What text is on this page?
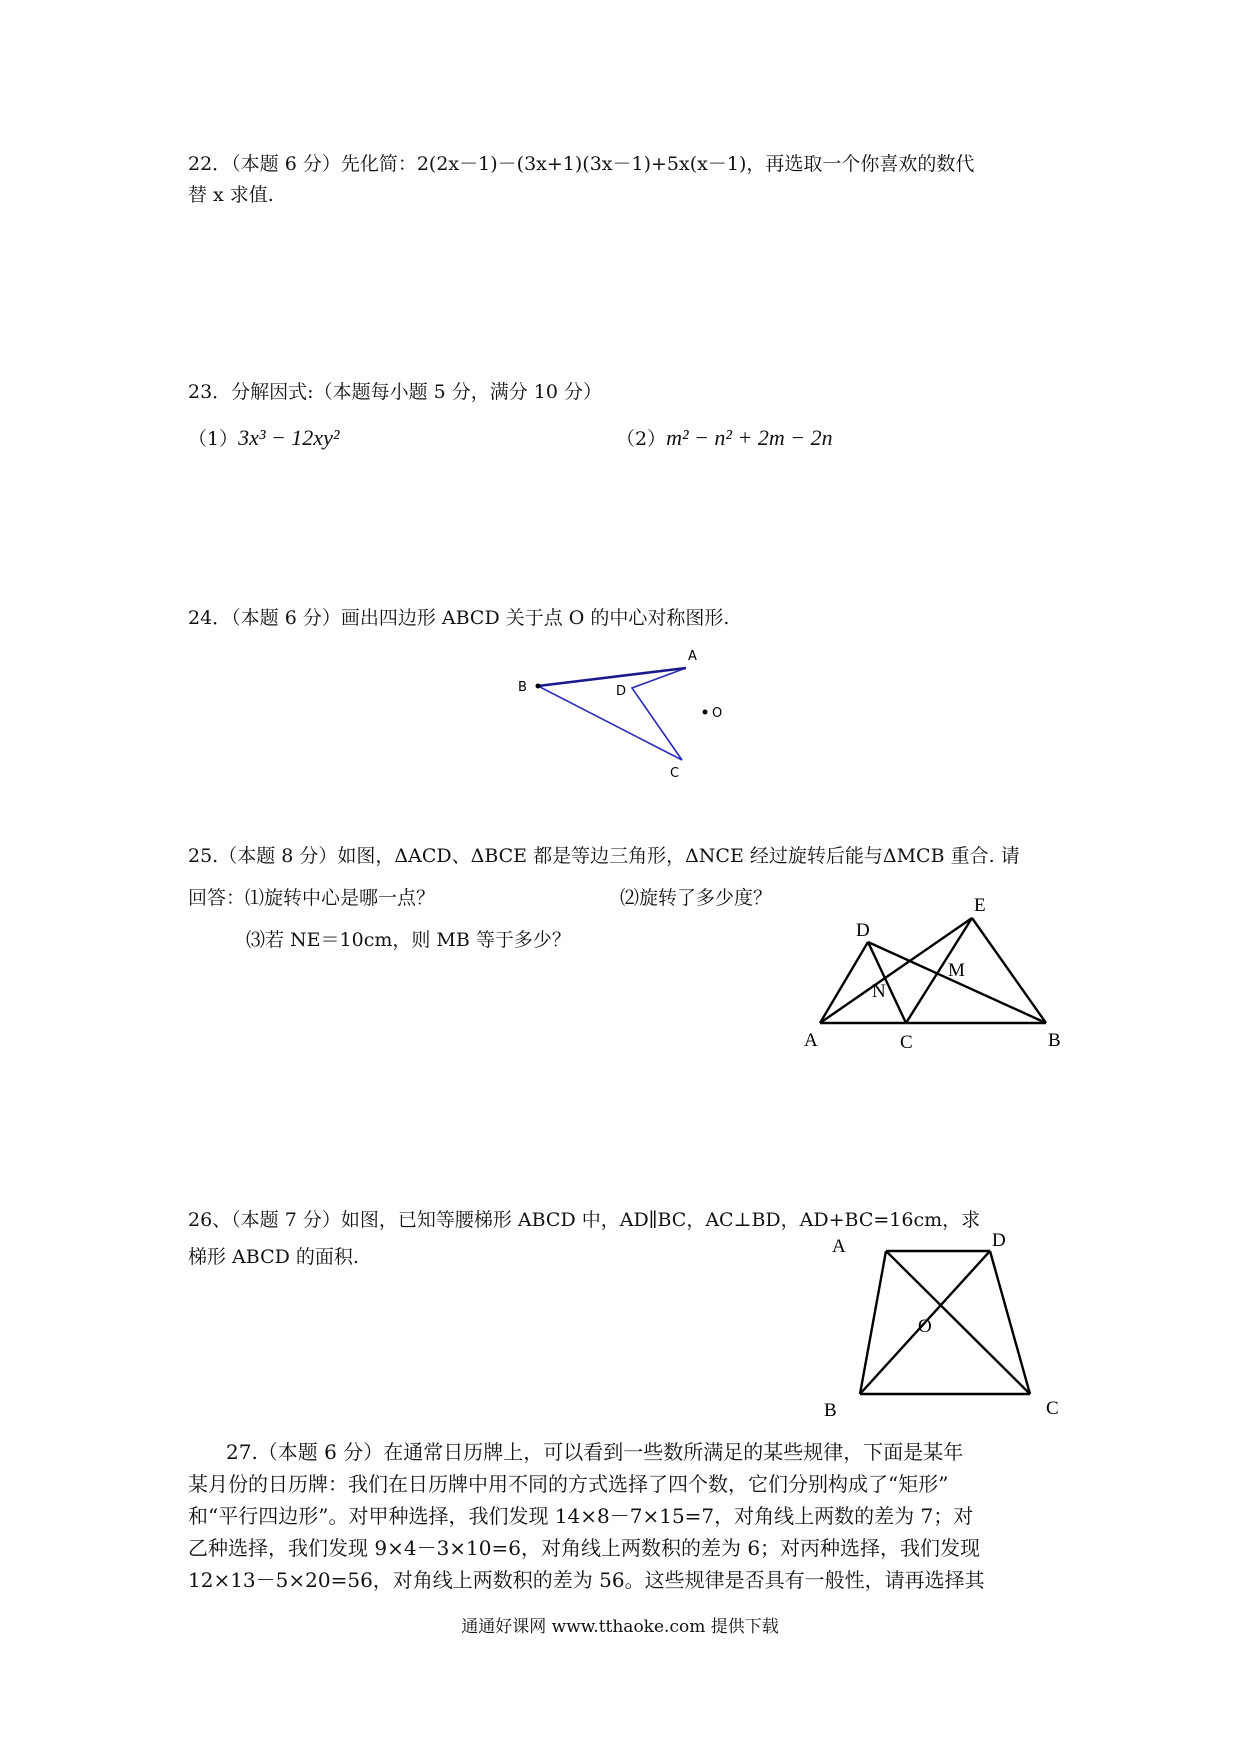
22．（本题 6 分）先化简：2(2x－1)－(3x+1)(3x－1)+5x(x－1)，再选取一个你喜欢的数代
替 x 求值.
23．分解因式:（本题每小题 5 分，满分 10 分）
（1）3x³ − 12xy²	（2）m² − n² + 2m − 2n
24．（本题 6 分）画出四边形 ABCD 关于点 O 的中心对称图形.
A
B
C
D
O
25.（本题 8 分）如图，ΔACD、ΔBCE 都是等边三角形，ΔNCE 经过旋转后能与ΔMCB 重合. 请
回答：⑴旋转中心是哪一点？	⑵旋转了多少度？
⑶若 NE＝10cm，则 MB 等于多少？
A	B
C
D
E
M
N
26、（本题 7 分）如图，已知等腰梯形 ABCD 中，AD∥BC，AC⊥BD，AD+BC=16cm，求
梯形 ABCD 的面积.	A	D
B	C
O
27.（本题 6 分）在通常日历牌上，可以看到一些数所满足的某些规律，下面是某年
某月份的日历牌：我们在日历牌中用不同的方式选择了四个数，它们分别构成了“矩形”
和“平行四边形”。对甲种选择，我们发现 14×8－7×15=7，对角线上两数的差为 7；对
乙种选择，我们发现 9×4－3×10=6，对角线上两数积的差为 6；对丙种选择，我们发现
12×13－5×20=56，对角线上两数积的差为 56。这些规律是否具有一般性，请再选择其
通通好课网 www.tthaoke.com 提供下载
